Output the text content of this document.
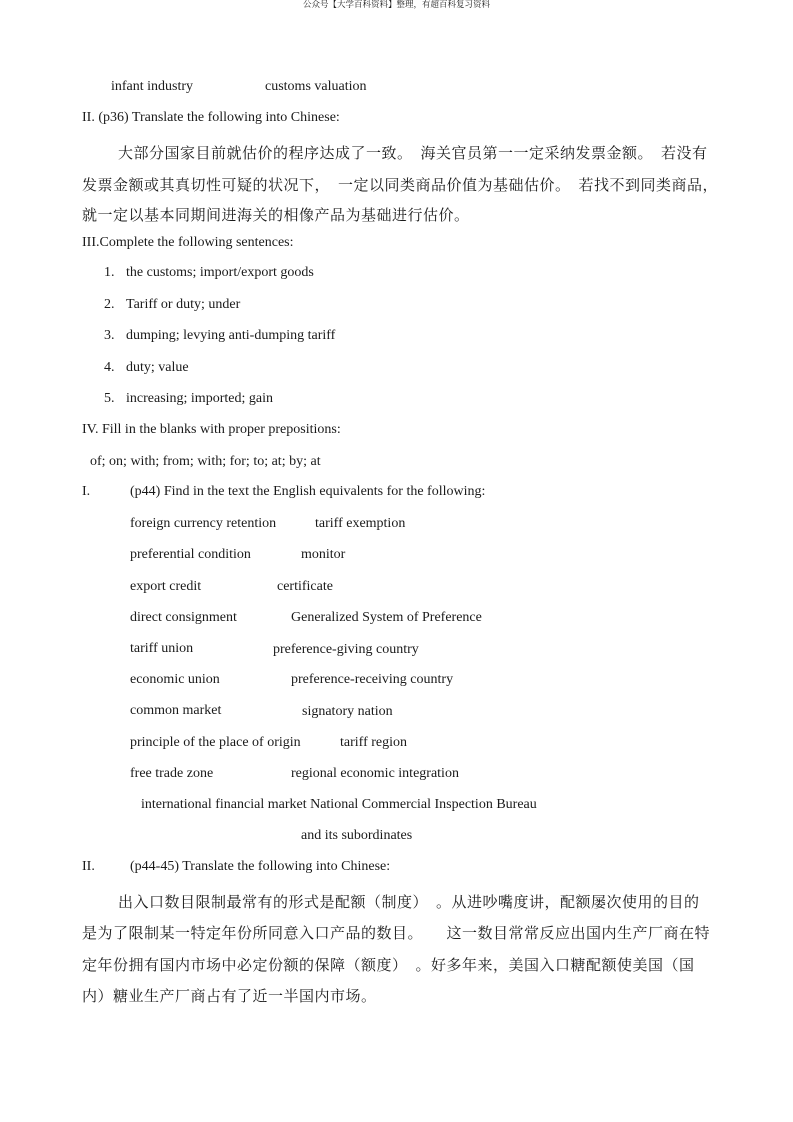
公众号【大学百科资料】整理，有超百科复习资料
infant industry	customs valuation
II. (p36) Translate the following into Chinese:
大部分国家目前就估价的程序达成了一致。　海关官员第一一定采纳发票金额。　若没有
发票金额或其真切性可疑的状况下，　一定以同类商品价值为基础估价。　若找不到同类商品，
就一定以基本同期间进海关的相像产品为基础进行估价。
III.Complete the following sentences:
1. the customs; import/export goods
2. Tariff or duty; under
3. dumping; levying anti-dumping tariff
4. duty; value
5. increasing; imported; gain
IV. Fill in the blanks with proper prepositions:
of; on; with; from; with; for; to; at; by; at
I.	(p44) Find in the text the English equivalents for the following:
foreign currency retention	tariff exemption
preferential condition	monitor
export credit	certificate
direct consignment	Generalized System of Preference
tariff union	preference-giving country
economic union	preference-receiving country
common market	signatory nation
principle of the place of origin	tariff region
free trade zone	regional economic integration
international financial market National Commercial Inspection Bureau
and its subordinates
II.	(p44-45) Translate the following into Chinese:
出入口数目限制最常有的形式是配额（制度）　。从进吵嘴度讲，配额屡次使用的目的
是为了限制某一特定年份所同意入口产品的数目。　　这一数目常常反应出国内生产厂商在特
定年份拥有国内市场中必定份额的保障（额度）　。好多年来，美国入口糖配额使美国（国
内）糖业生产厂商占有了近一半国内市场。
